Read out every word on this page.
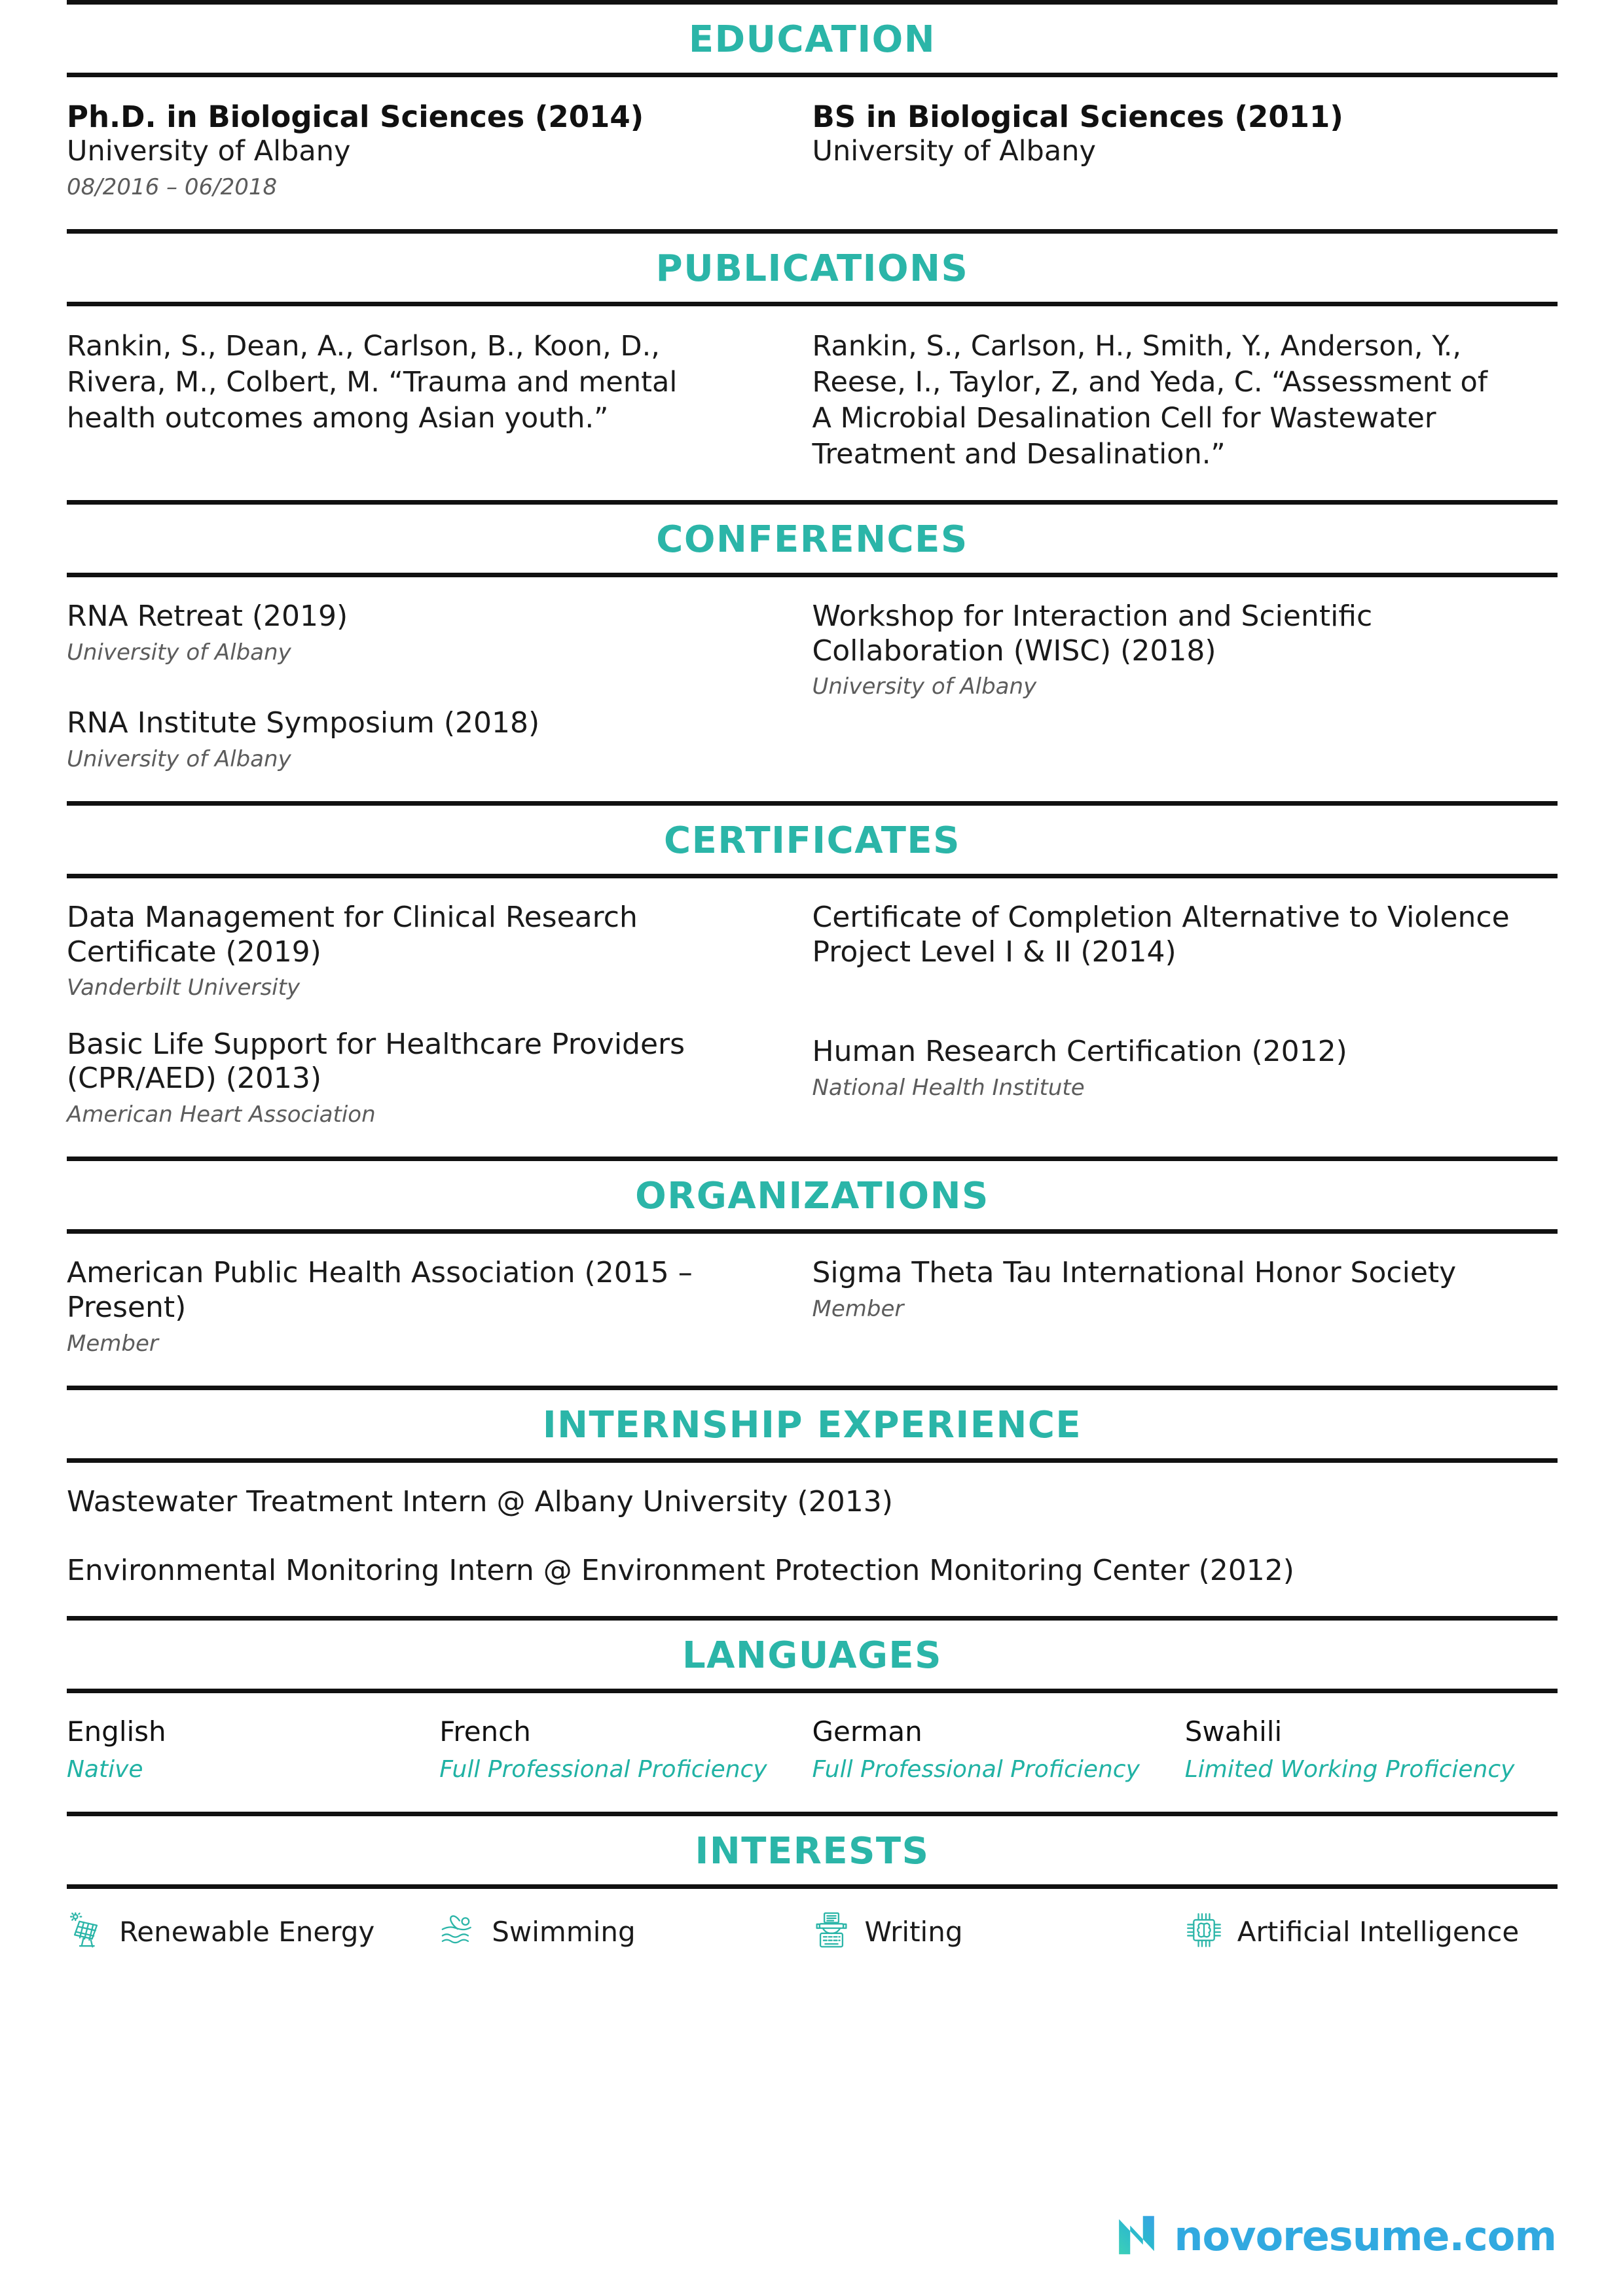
EDUCATION
Ph.D. in Biological Sciences (2014)
University of Albany
08/2016 – 06/2018
BS in Biological Sciences (2011)
University of Albany
PUBLICATIONS
Rankin, S., Dean, A., Carlson, B., Koon, D., Rivera, M., Colbert, M. “Trauma and mental health outcomes among Asian youth.”
Rankin, S., Carlson, H., Smith, Y., Anderson, Y., Reese, I., Taylor, Z, and Yeda, C. “Assessment of A Microbial Desalination Cell for Wastewater Treatment and Desalination.”
CONFERENCES
RNA Retreat (2019)
University of Albany
RNA Institute Symposium (2018)
University of Albany
Workshop for Interaction and Scientific Collaboration (WISC) (2018)
University of Albany
CERTIFICATES
Data Management for Clinical Research Certificate (2019)
Vanderbilt University
Basic Life Support for Healthcare Providers (CPR/AED) (2013)
American Heart Association
Certificate of Completion Alternative to Violence Project Level I & II (2014)
Human Research Certification (2012)
National Health Institute
ORGANIZATIONS
American Public Health Association (2015 – Present)
Member
Sigma Theta Tau International Honor Society
Member
INTERNSHIP EXPERIENCE
Wastewater Treatment Intern @ Albany University (2013)
Environmental Monitoring Intern @ Environment Protection Monitoring Center (2012)
LANGUAGES
English
Native
French
Full Professional Proficiency
German
Full Professional Proficiency
Swahili
Limited Working Proficiency
INTERESTS
Renewable Energy	Swimming	Writing	Artificial Intelligence
novoresume.com
